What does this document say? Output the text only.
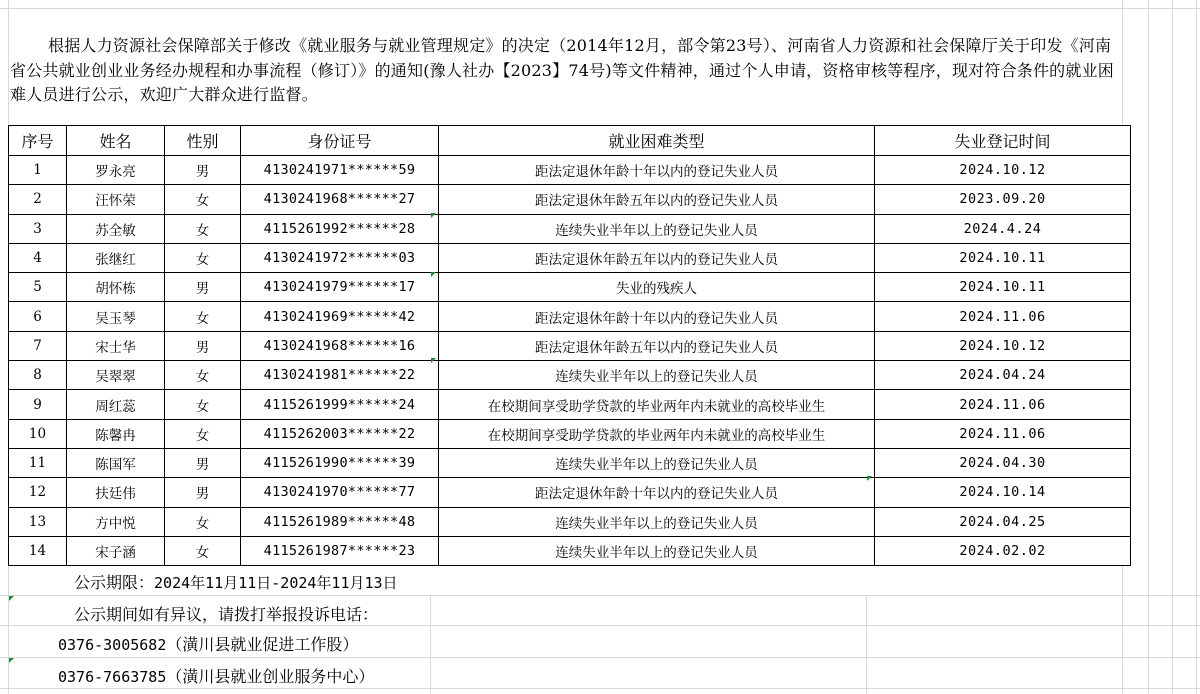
根据人力资源社会保障部关于修改《就业服务与就业管理规定》的决定（2014年12月，部令第23号）、河南省人力资源和社会保障厅关于印发《河南省公共就业创业业务经办规程和办事流程（修订）》的通知(豫人社办【2023】74号)等文件精神，通过个人申请，资格审核等程序，现对符合条件的就业困难人员进行公示，欢迎广大群众进行监督。

序号	姓名	性别	身份证号	就业困难类型	失业登记时间
1	罗永亮	男	4130241971******59	距法定退休年龄十年以内的登记失业人员	2024.10.12
2	汪怀荣	女	4130241968******27	距法定退休年龄五年以内的登记失业人员	2023.09.20
3	苏全敏	女	4115261992******28	连续失业半年以上的登记失业人员	2024.4.24
4	张继红	女	4130241972******03	距法定退休年龄五年以内的登记失业人员	2024.10.11
5	胡怀栋	男	4130241979******17	失业的残疾人	2024.10.11
6	吴玉琴	女	4130241969******42	距法定退休年龄十年以内的登记失业人员	2024.11.06
7	宋士华	男	4130241968******16	距法定退休年龄五年以内的登记失业人员	2024.10.12
8	吴翠翠	女	4130241981******22	连续失业半年以上的登记失业人员	2024.04.24
9	周红蕊	女	4115261999******24	在校期间享受助学贷款的毕业两年内未就业的高校毕业生	2024.11.06
10	陈馨冉	女	4115262003******22	在校期间享受助学贷款的毕业两年内未就业的高校毕业生	2024.11.06
11	陈国军	男	4115261990******39	连续失业半年以上的登记失业人员	2024.04.30
12	扶廷伟	男	4130241970******77	距法定退休年龄十年以内的登记失业人员	2024.10.14
13	方中悦	女	4115261989******48	连续失业半年以上的登记失业人员	2024.04.25
14	宋子涵	女	4115261987******23	连续失业半年以上的登记失业人员	2024.02.02
公示期限：2024年11月11日-2024年11月13日
公示期间如有异议，请拨打举报投诉电话：
0376-3005682（潢川县就业促进工作股）
0376-7663785（潢川县就业创业服务中心）
